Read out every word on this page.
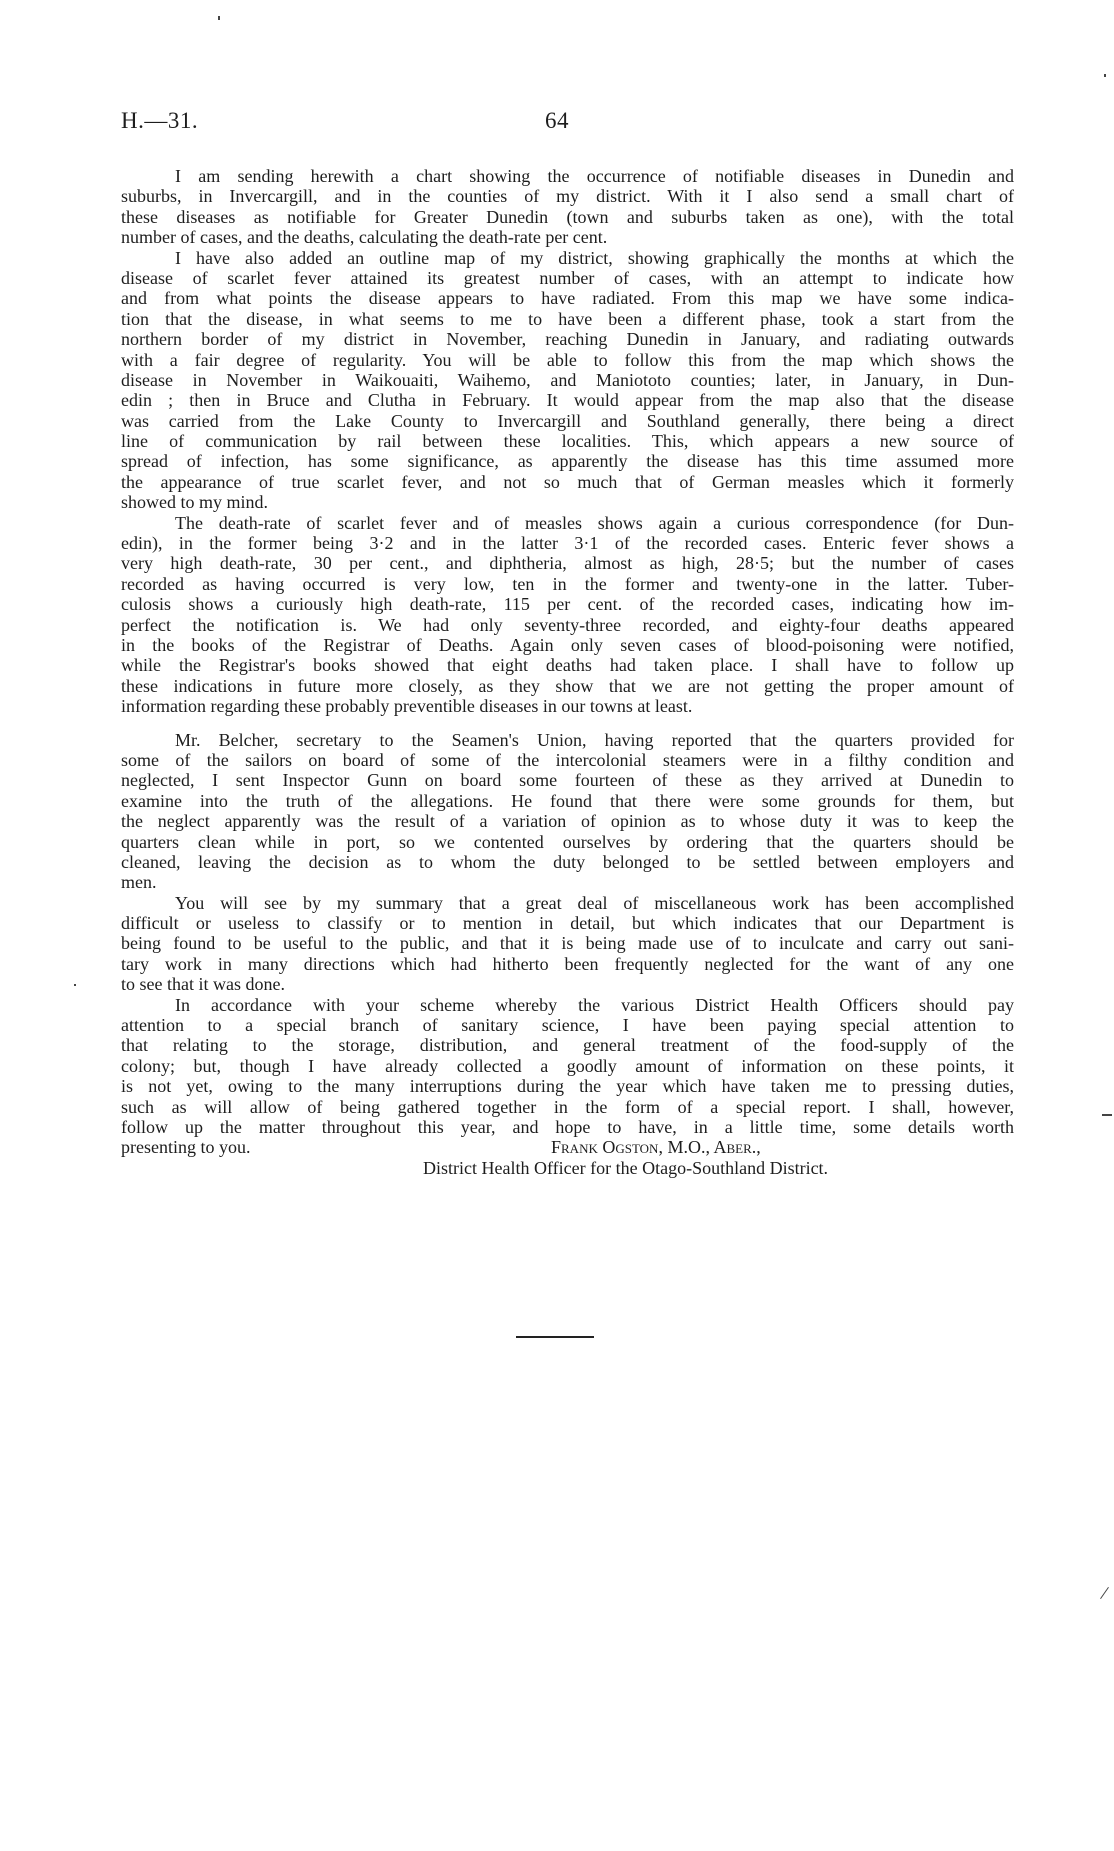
H.—31.	64
I am sending herewith a chart showing the occurrence of notifiable diseases in Dunedin and
suburbs, in Invercargill, and in the counties of my district. With it I also send a small chart of
these diseases as notifiable for Greater Dunedin (town and suburbs taken as one), with the total
number of cases, and the deaths, calculating the death-rate per cent.
I have also added an outline map of my district, showing graphically the months at which the
disease of scarlet fever attained its greatest number of cases, with an attempt to indicate how
and from what points the disease appears to have radiated. From this map we have some indica-
tion that the disease, in what seems to me to have been a different phase, took a start from the
northern border of my district in November, reaching Dunedin in January, and radiating outwards
with a fair degree of regularity. You will be able to follow this from the map which shows the
disease in November in Waikouaiti, Waihemo, and Maniototo counties; later, in January, in Dun-
edin ; then in Bruce and Clutha in February. It would appear from the map also that the disease
was carried from the Lake County to Invercargill and Southland generally, there being a direct
line of communication by rail between these localities. This, which appears a new source of
spread of infection, has some significance, as apparently the disease has this time assumed more
the appearance of true scarlet fever, and not so much that of German measles which it formerly
showed to my mind.
The death-rate of scarlet fever and of measles shows again a curious correspondence (for Dun-
edin), in the former being 3·2 and in the latter 3·1 of the recorded cases. Enteric fever shows a
very high death-rate, 30 per cent., and diphtheria, almost as high, 28·5; but the number of cases
recorded as having occurred is very low, ten in the former and twenty-one in the latter. Tuber-
culosis shows a curiously high death-rate, 115 per cent. of the recorded cases, indicating how im-
perfect the notification is. We had only seventy-three recorded, and eighty-four deaths appeared
in the books of the Registrar of Deaths. Again only seven cases of blood-poisoning were notified,
while the Registrar's books showed that eight deaths had taken place. I shall have to follow up
these indications in future more closely, as they show that we are not getting the proper amount of
information regarding these probably preventible diseases in our towns at least.
Mr. Belcher, secretary to the Seamen's Union, having reported that the quarters provided for
some of the sailors on board of some of the intercolonial steamers were in a filthy condition and
neglected, I sent Inspector Gunn on board some fourteen of these as they arrived at Dunedin to
examine into the truth of the allegations. He found that there were some grounds for them, but
the neglect apparently was the result of a variation of opinion as to whose duty it was to keep the
quarters clean while in port, so we contented ourselves by ordering that the quarters should be
cleaned, leaving the decision as to whom the duty belonged to be settled between employers and
men.
You will see by my summary that a great deal of miscellaneous work has been accomplished
difficult or useless to classify or to mention in detail, but which indicates that our Department is
being found to be useful to the public, and that it is being made use of to inculcate and carry out sani-
tary work in many directions which had hitherto been frequently neglected for the want of any one
to see that it was done.
In accordance with your scheme whereby the various District Health Officers should pay
attention to a special branch of sanitary science, I have been paying special attention to
that relating to the storage, distribution, and general treatment of the food-supply of the
colony; but, though I have already collected a goodly amount of information on these points, it
is not yet, owing to the many interruptions during the year which have taken me to pressing duties,
such as will allow of being gathered together in the form of a special report. I shall, however,
follow up the matter throughout this year, and hope to have, in a little time, some details worth
presenting to you.	Frank Ogston, M.O., Aber.,
District Health Officer for the Otago-Southland District.
